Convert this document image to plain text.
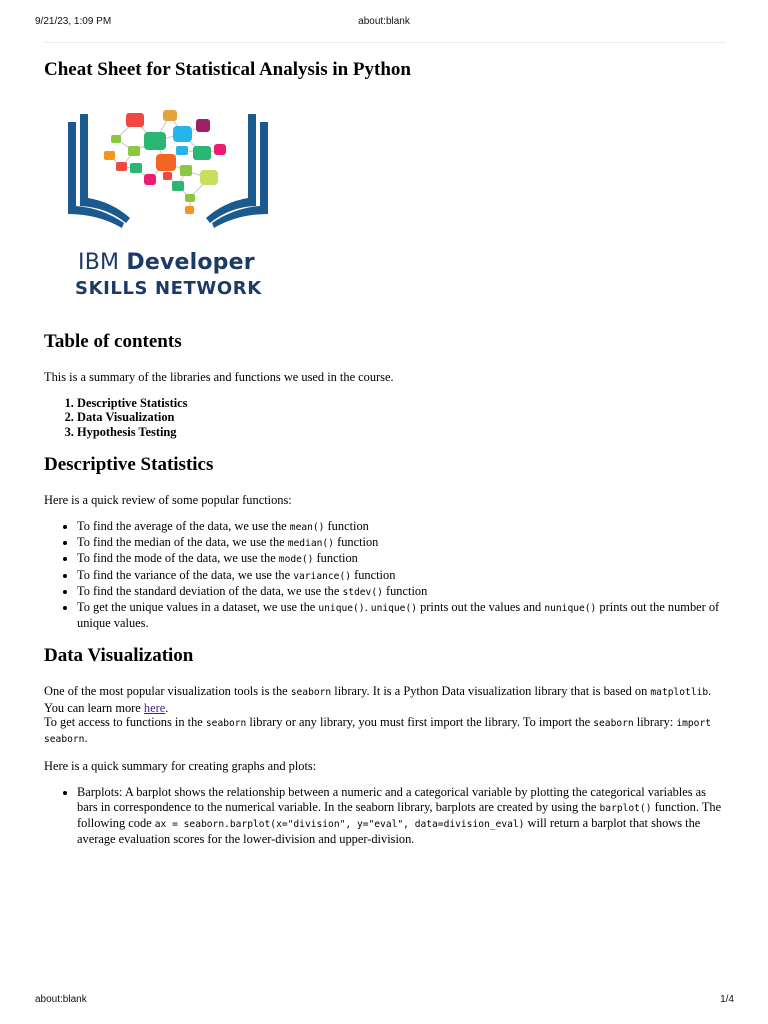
9/21/23, 1:09 PM	about:blank
Cheat Sheet for Statistical Analysis in Python
IBM Developer
SKILLS NETWORK
Table of contents

This is a summary of the libraries and functions we used in the course.

1. Descriptive Statistics
2. Data Visualization
3. Hypothesis Testing
Descriptive Statistics

Here is a quick review of some popular functions:

• To find the average of the data, we use the mean() function
• To find the median of the data, we use the median() function
• To find the mode of the data, we use the mode() function
• To find the variance of the data, we use the variance() function
• To find the standard deviation of the data, we use the stdev() function
• To get the unique values in a dataset, we use the unique(). unique() prints out the values and nunique() prints out the number of unique values.
Data Visualization

One of the most popular visualization tools is the seaborn library. It is a Python Data visualization library that is based on matplotlib. You can learn more here.
To get access to functions in the seaborn library or any library, you must first import the library. To import the seaborn library: import seaborn.

Here is a quick summary for creating graphs and plots:

• Barplots: A barplot shows the relationship between a numeric and a categorical variable by plotting the categorical variables as bars in correspondence to the numerical variable. In the seaborn library, barplots are created by using the barplot() function. The following code ax = seaborn.barplot(x="division", y="eval", data=division_eval) will return a barplot that shows the average evaluation scores for the lower-division and upper-division.
about:blank	1/4
